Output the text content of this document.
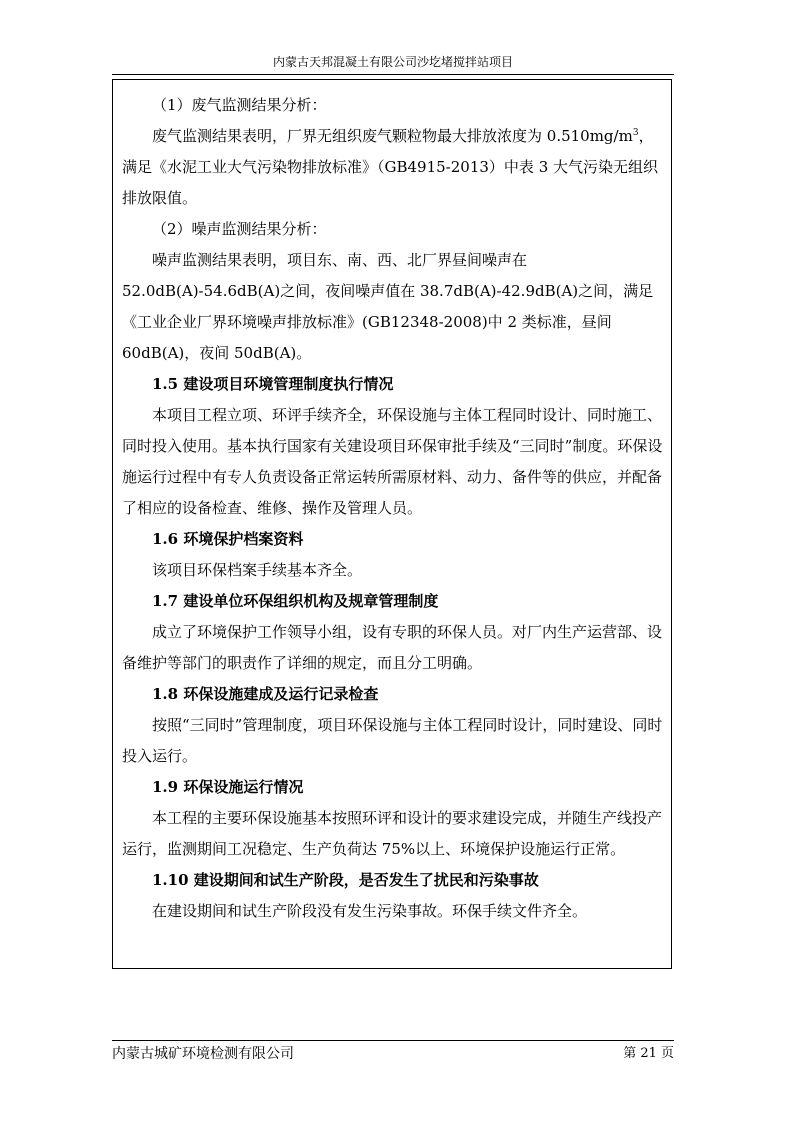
内蒙古天邦混凝土有限公司沙圪堵搅拌站项目

（1）废气监测结果分析：

废气监测结果表明，厂界无组织废气颗粒物最大排放浓度为 $0.510mg/m^3$，满足《水泥工业大气污染物排放标准》（GB4915-2013）中表 3 大气污染无组织排放限值。

（2）噪声监测结果分析：

噪声监测结果表明，项目东、南、西、北厂界昼间噪声在 52.0dB(A)-54.6dB(A)之间，夜间噪声值在 38.7dB(A)-42.9dB(A)之间，满足《工业企业厂界环境噪声排放标准》(GB12348-2008)中 2 类标准，昼间 60dB(A)，夜间 50dB(A)。

1.5 建设项目环境管理制度执行情况

本项目工程立项、环评手续齐全，环保设施与主体工程同时设计、同时施工、同时投入使用。基本执行国家有关建设项目环保审批手续及“三同时”制度。环保设施运行过程中有专人负责设备正常运转所需原材料、动力、备件等的供应，并配备了相应的设备检查、维修、操作及管理人员。

1.6 环境保护档案资料

该项目环保档案手续基本齐全。

1.7 建设单位环保组织机构及规章管理制度

成立了环境保护工作领导小组，设有专职的环保人员。对厂内生产运营部、设备维护等部门的职责作了详细的规定，而且分工明确。

1.8 环保设施建成及运行记录检查

按照“三同时”管理制度，项目环保设施与主体工程同时设计，同时建设、同时投入运行。

1.9 环保设施运行情况

本工程的主要环保设施基本按照环评和设计的要求建设完成，并随生产线投产运行，监测期间工况稳定、生产负荷达 75%以上、环境保护设施运行正常。

1.10 建设期间和试生产阶段，是否发生了扰民和污染事故

在建设期间和试生产阶段没有发生污染事故。环保手续文件齐全。

内蒙古城矿环境检测有限公司	第 21 页
